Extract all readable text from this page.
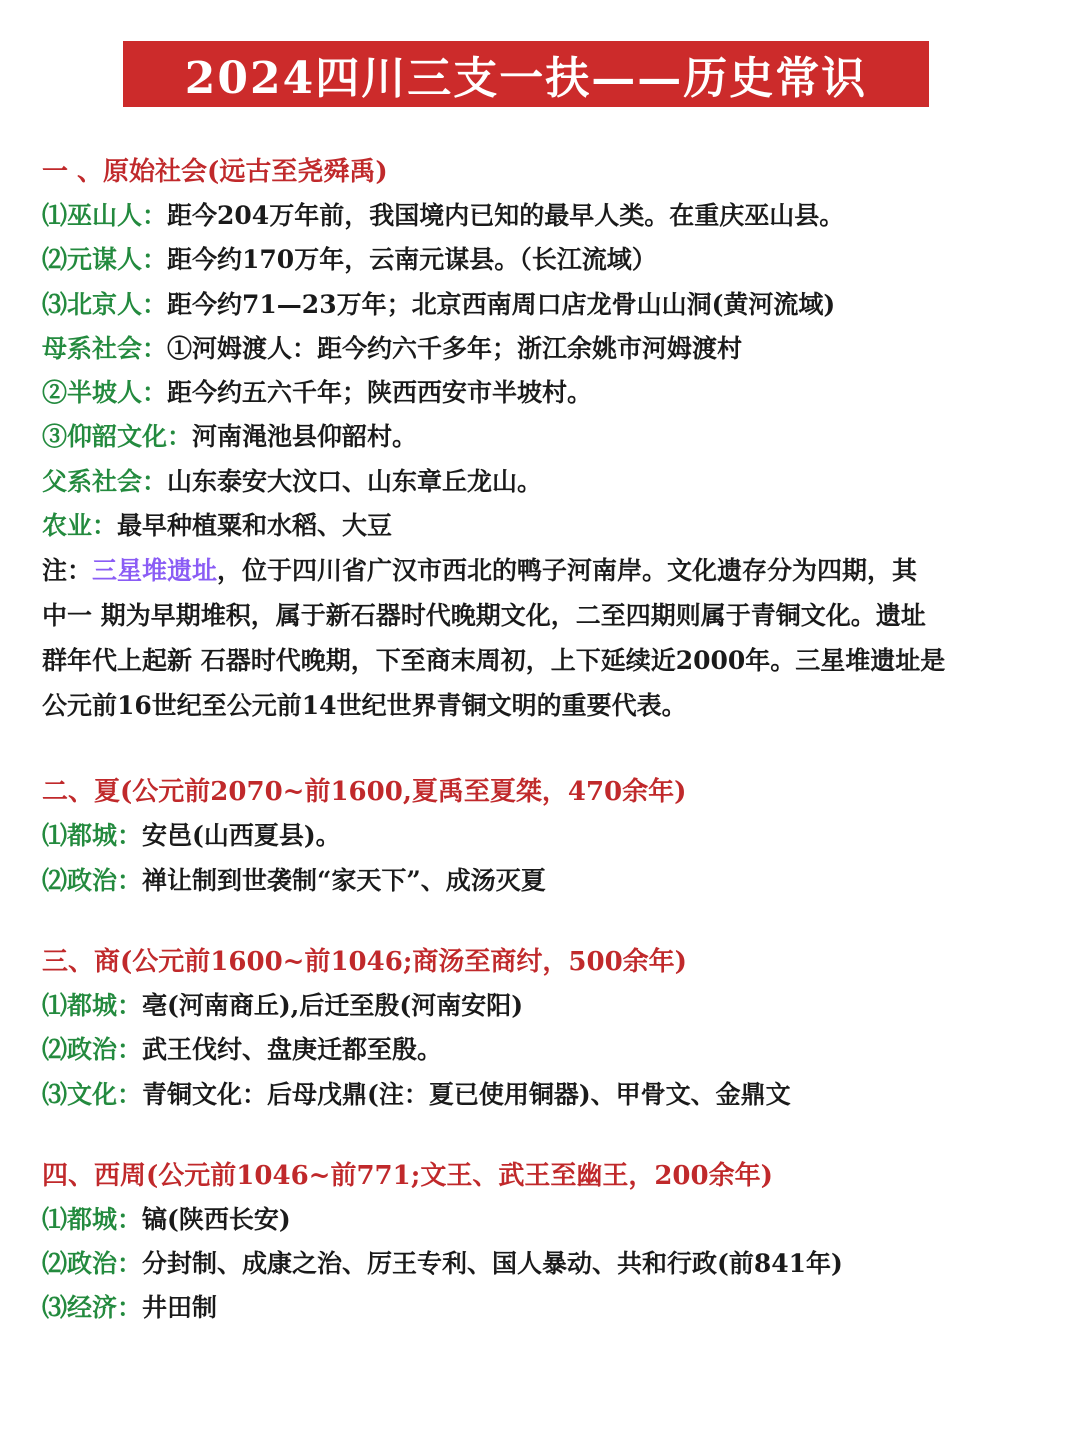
2024四川三支一扶——历史常识
一 、原始社会(远古至尧舜禹)
⑴巫山人：距今204万年前，我国境内已知的最早人类。在重庆巫山县。
⑵元谋人：距今约170万年，云南元谋县。（长江流域）
⑶北京人：距今约71—23万年；北京西南周口店龙骨山山洞(黄河流域)
母系社会：①河姆渡人：距今约六千多年；浙江余姚市河姆渡村
②半坡人：距今约五六千年；陕西西安市半坡村。
③仰韶文化：河南渑池县仰韶村。
父系社会：山东泰安大汶口、山东章丘龙山。
农业：最早种植粟和水稻、大豆
注：三星堆遗址，位于四川省广汉市西北的鸭子河南岸。文化遗存分为四期，其
中一 期为早期堆积，属于新石器时代晚期文化，二至四期则属于青铜文化。遗址
群年代上起新 石器时代晚期，下至商末周初，上下延续近2000年。三星堆遗址是
公元前16世纪至公元前14世纪世界青铜文明的重要代表。
二、夏(公元前2070~前1600,夏禹至夏桀，470余年)
⑴都城：安邑(山西夏县)。
⑵政治：禅让制到世袭制“家天下”、成汤灭夏
三、商(公元前1600~前1046;商汤至商纣，500余年)
⑴都城：亳(河南商丘),后迁至殷(河南安阳)
⑵政治：武王伐纣、盘庚迁都至殷。
⑶文化：青铜文化：后母戊鼎(注：夏已使用铜器)、甲骨文、金鼎文
四、西周(公元前1046~前771;文王、武王至幽王，200余年)
⑴都城：镐(陕西长安)
⑵政治：分封制、成康之治、厉王专利、国人暴动、共和行政(前841年)
⑶经济：井田制
